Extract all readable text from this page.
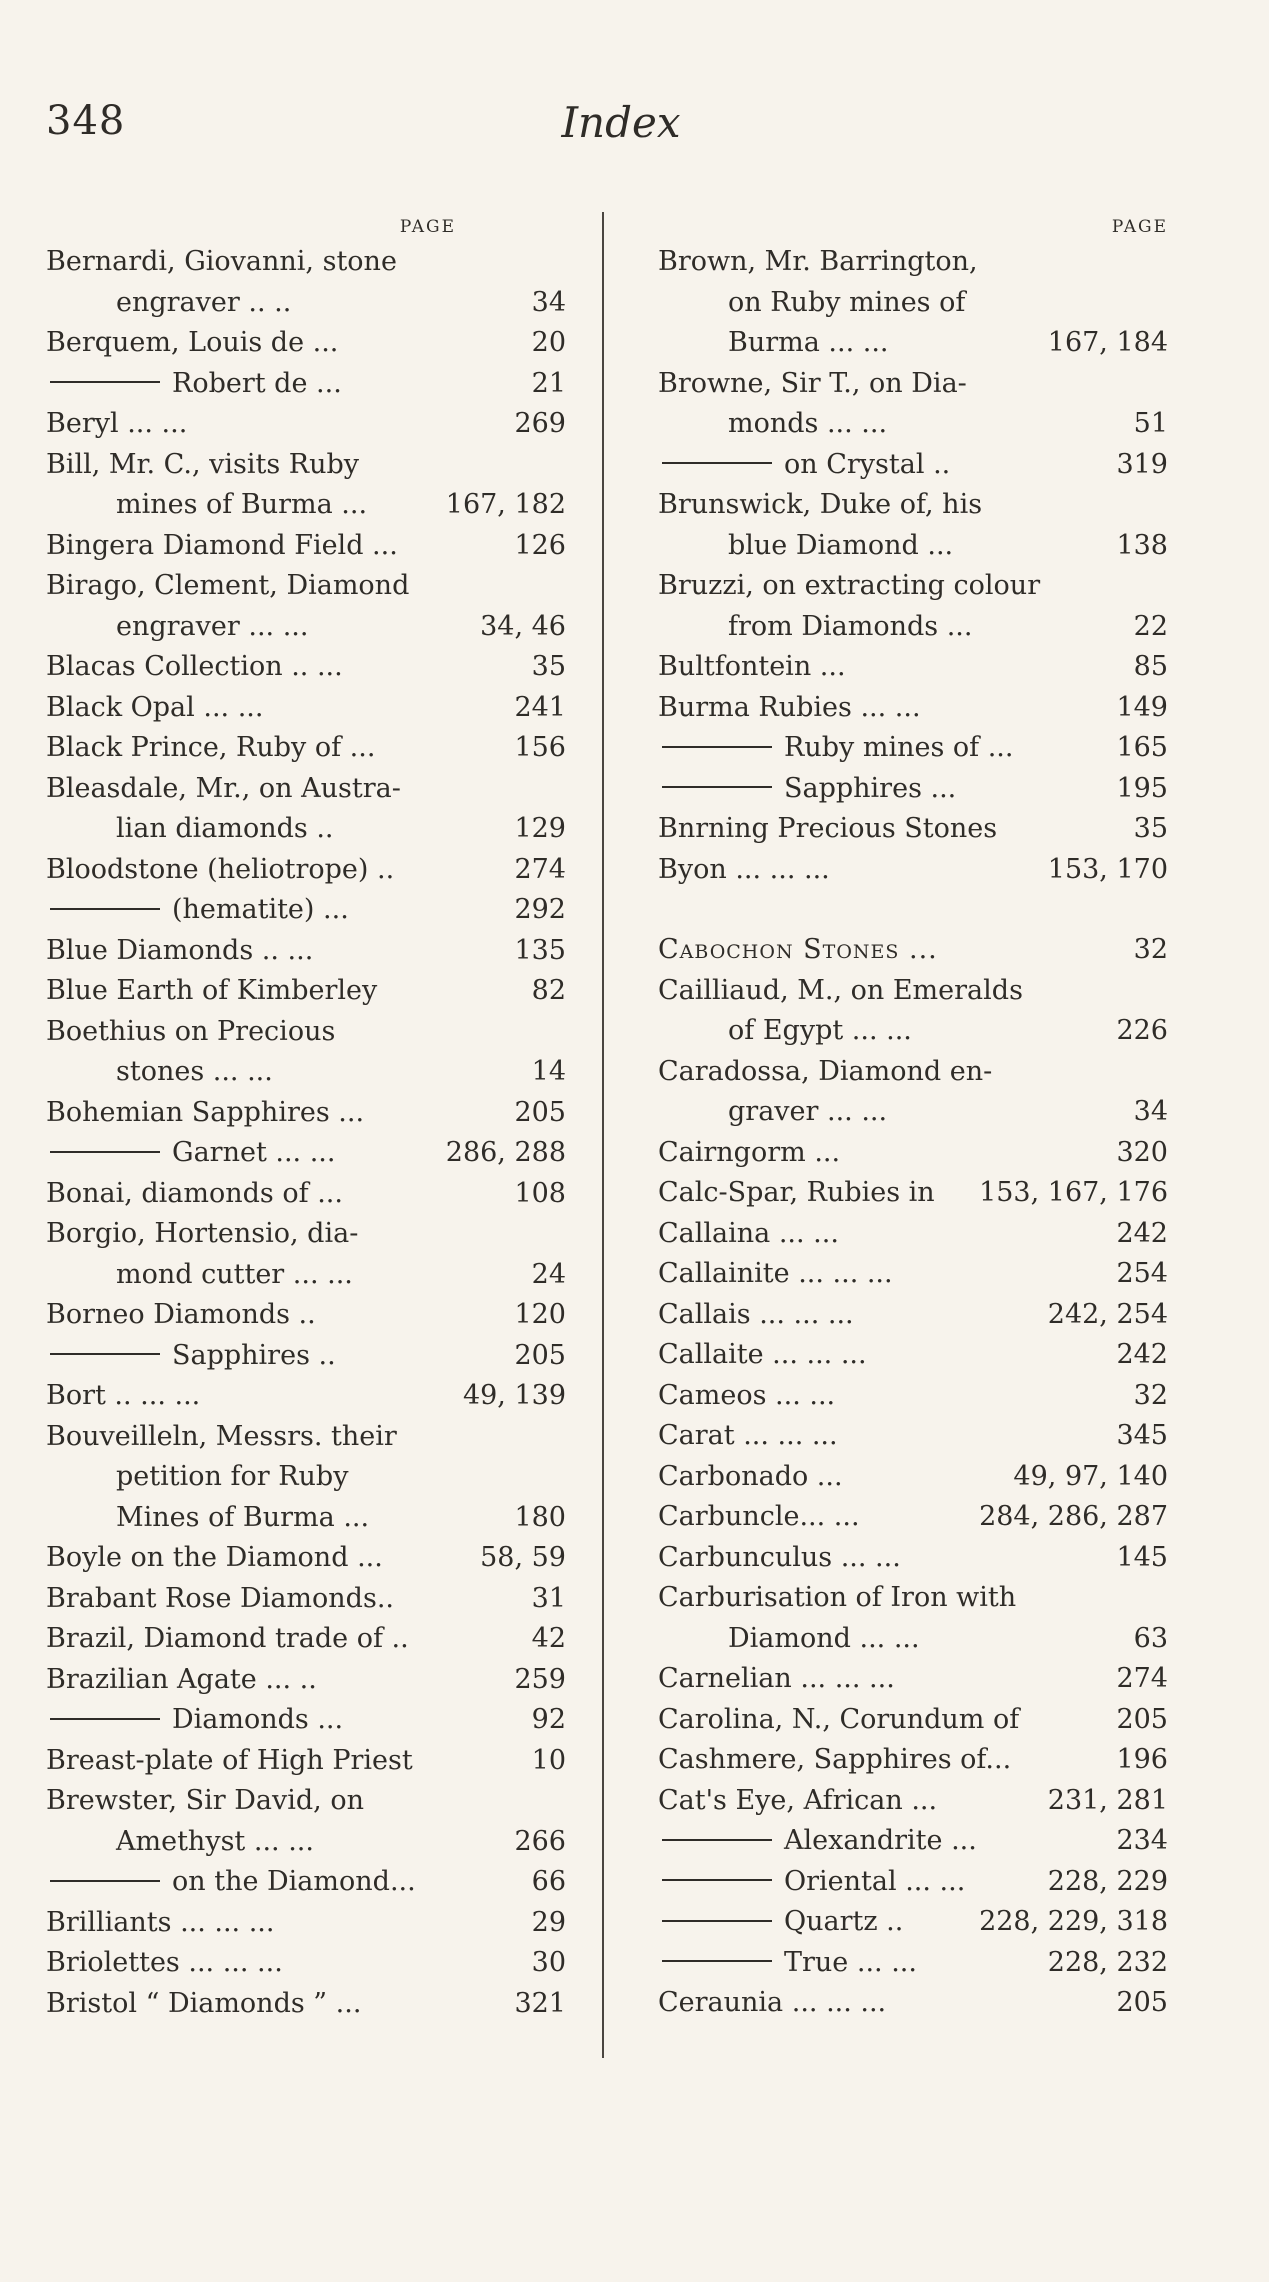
348	Index
PAGE
Bernardi, Giovanni, stone
engraver .. ..	34
Berquem, Louis de ...	20
Robert de ...	21
Beryl ... ...	269
Bill, Mr. C., visits Ruby
mines of Burma ...	167, 182
Bingera Diamond Field ...	126
Birago, Clement, Diamond
engraver ... ...	34, 46
Blacas Collection .. ...	35
Black Opal ... ...	241
Black Prince, Ruby of ...	156
Bleasdale, Mr., on Austra-
lian diamonds ..	129
Bloodstone (heliotrope) ..	274
(hematite) ...	292
Blue Diamonds .. ...	135
Blue Earth of Kimberley	82
Boethius on Precious
stones ... ...	14
Bohemian Sapphires ...	205
Garnet ... ...	286, 288
Bonai, diamonds of ...	108
Borgio, Hortensio, dia-
mond cutter ... ...	24
Borneo Diamonds ..	120
Sapphires ..	205
Bort .. ... ...	49, 139
Bouveilleln, Messrs. their
petition for Ruby
Mines of Burma ...	180
Boyle on the Diamond ...	58, 59
Brabant Rose Diamonds..	31
Brazil, Diamond trade of ..	42
Brazilian Agate ... ..	259
Diamonds ...	92
Breast-plate of High Priest	10
Brewster, Sir David, on
Amethyst ... ...	266
on the Diamond...	66
Brilliants ... ... ...	29
Briolettes ... ... ...	30
Bristol “ Diamonds ” ...	321
PAGE
Brown, Mr. Barrington,
on Ruby mines of
Burma ... ...	167, 184
Browne, Sir T., on Dia-
monds ... ...	51
on Crystal ..	319
Brunswick, Duke of, his
blue Diamond ...	138
Bruzzi, on extracting colour
from Diamonds ...	22
Bultfontein ...	85
Burma Rubies ... ...	149
Ruby mines of ...	165
Sapphires ...	195
Bnrning Precious Stones	35
Byon ... ... ...	153, 170
Cabochon Stones ...	32
Cailliaud, M., on Emeralds
of Egypt ... ...	226
Caradossa, Diamond en-
graver ... ...	34
Cairngorm ...	320
Calc-Spar, Rubies in 153, 167, 176
Callaina ... ...	242
Callainite ... ... ...	254
Callais ... ... ...	242, 254
Callaite ... ... ...	242
Cameos ... ...	32
Carat ... ... ...	345
Carbonado ...	49, 97, 140
Carbuncle... ...	284, 286, 287
Carbunculus ... ...	145
Carburisation of Iron with
Diamond ... ...	63
Carnelian ... ... ...	274
Carolina, N., Corundum of	205
Cashmere, Sapphires of...	196
Cat's Eye, African ...	231, 281
Alexandrite ...	234
Oriental ... ...	228, 229
Quartz ..	228, 229, 318
True ... ...	228, 232
Ceraunia ... ... ...	205
